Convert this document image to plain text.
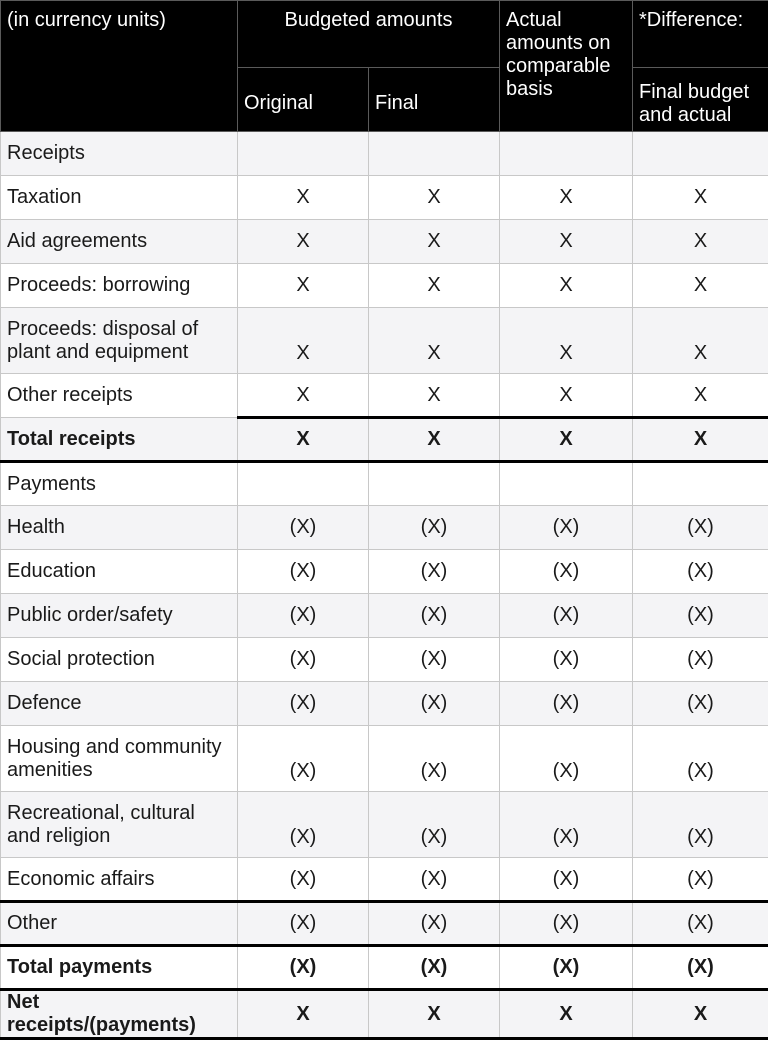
(in currency units)	Budgeted amounts		Actual amounts on comparable basis	*Difference:
	Original	Final		Final budget and actual
Receipts				
Taxation	X	X	X	X
Aid agreements	X	X	X	X
Proceeds: borrowing	X	X	X	X
Proceeds: disposal of plant and equipment	X	X	X	X
Other receipts	X	X	X	X
Total receipts	X	X	X	X
Payments				
Health	(X)	(X)	(X)	(X)
Education	(X)	(X)	(X)	(X)
Public order/safety	(X)	(X)	(X)	(X)
Social protection	(X)	(X)	(X)	(X)
Defence	(X)	(X)	(X)	(X)
Housing and community amenities	(X)	(X)	(X)	(X)
Recreational, cultural and religion	(X)	(X)	(X)	(X)
Economic affairs	(X)	(X)	(X)	(X)
Other	(X)	(X)	(X)	(X)
Total payments	(X)	(X)	(X)	(X)
Net receipts/(payments)	X	X	X	X
